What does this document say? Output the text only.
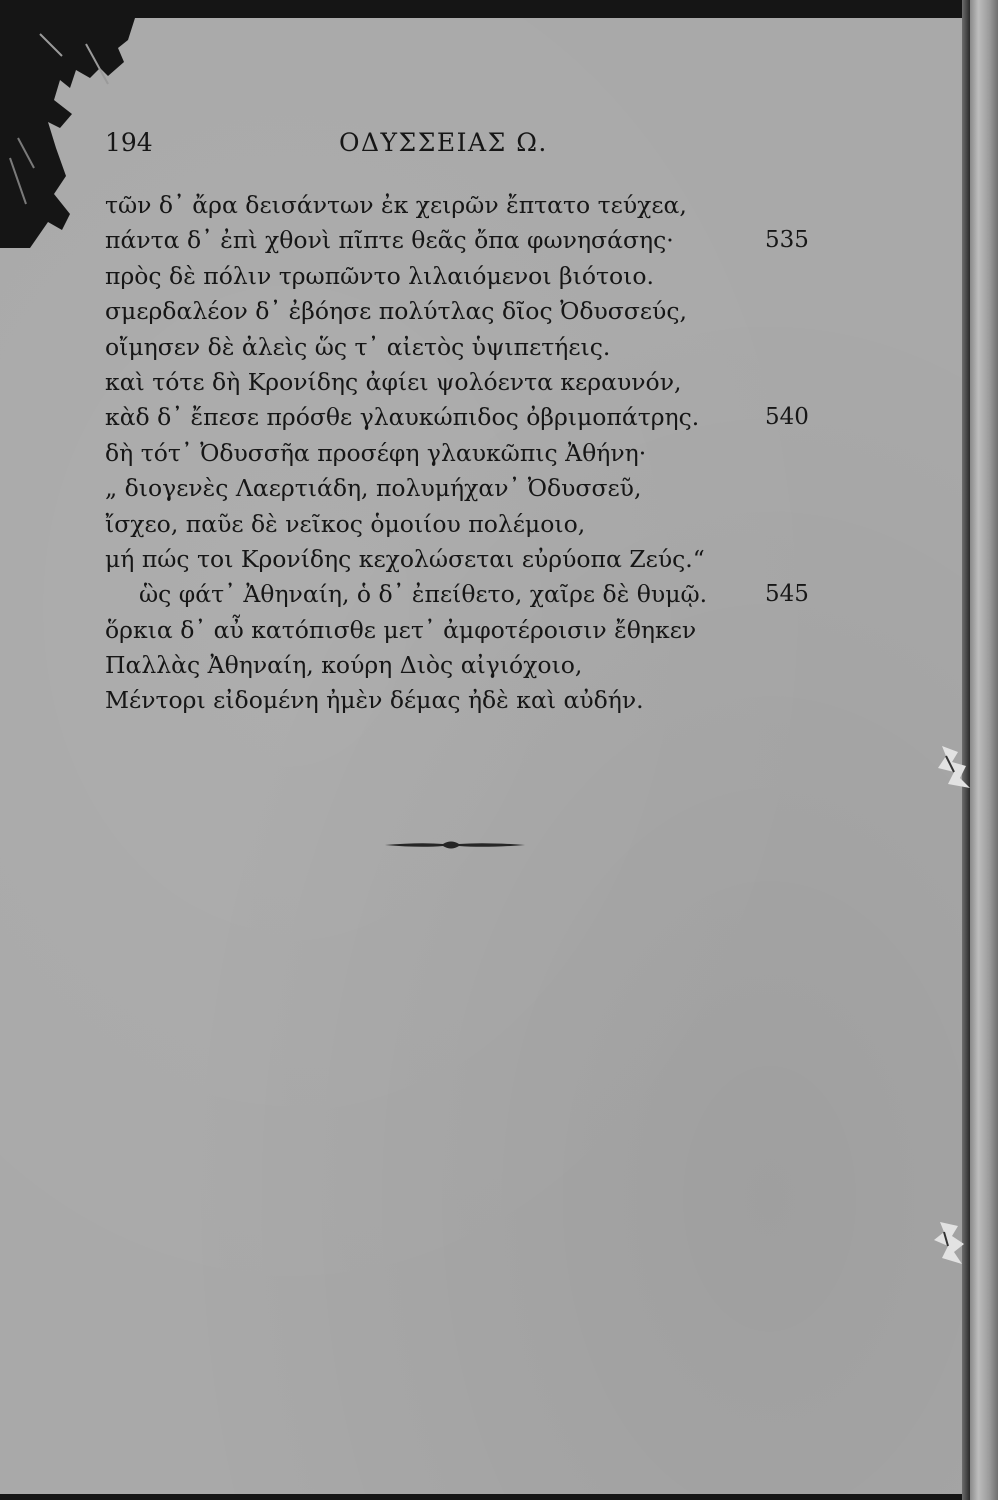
194	ΟΔΥΣΣΕΙΑΣ Ω.
τῶν δ᾽ ἄρα δεισάντων ἐκ χειρῶν ἔπτατο τεύχεα,
πάντα δ᾽ ἐπὶ χθονὶ πῖπτε θεᾶς ὄπα φωνησάσης·	535
πρὸς δὲ πόλιν τρωπῶντο λιλαιόμενοι βιότοιο.
σμερδαλέον δ᾽ ἐβόησε πολύτλας δῖος Ὀδυσσεύς,
οἴμησεν δὲ ἀλεὶς ὥς τ᾽ αἰετὸς ὑψιπετήεις.
καὶ τότε δὴ Κρονίδης ἀφίει ψολόεντα κεραυνόν,
κὰδ δ᾽ ἔπεσε πρόσθε γλαυκώπιδος ὀβριμοπάτρης.	540
δὴ τότ᾽ Ὀδυσσῆα προσέφη γλαυκῶπις Ἀθήνη·
„ διογενὲς Λαερτιάδη, πολυμήχαν᾽ Ὀδυσσεῦ,
ἴσχεο, παῦε δὲ νεῖκος ὁμοιίου πολέμοιο,
μή πώς τοι Κρονίδης κεχολώσεται εὐρύοπα Ζεύς.“
ὣς φάτ᾽ Ἀθηναίη, ὁ δ᾽ ἐπείθετο, χαῖρε δὲ θυμῷ.	545
ὅρκια δ᾽ αὖ κατόπισθε μετ᾽ ἀμφοτέροισιν ἔθηκεν
Παλλὰς Ἀθηναίη, κούρη Διὸς αἰγιόχοιο,
Μέντορι εἰδομένη ἠμὲν δέμας ἠδὲ καὶ αὐδήν.
